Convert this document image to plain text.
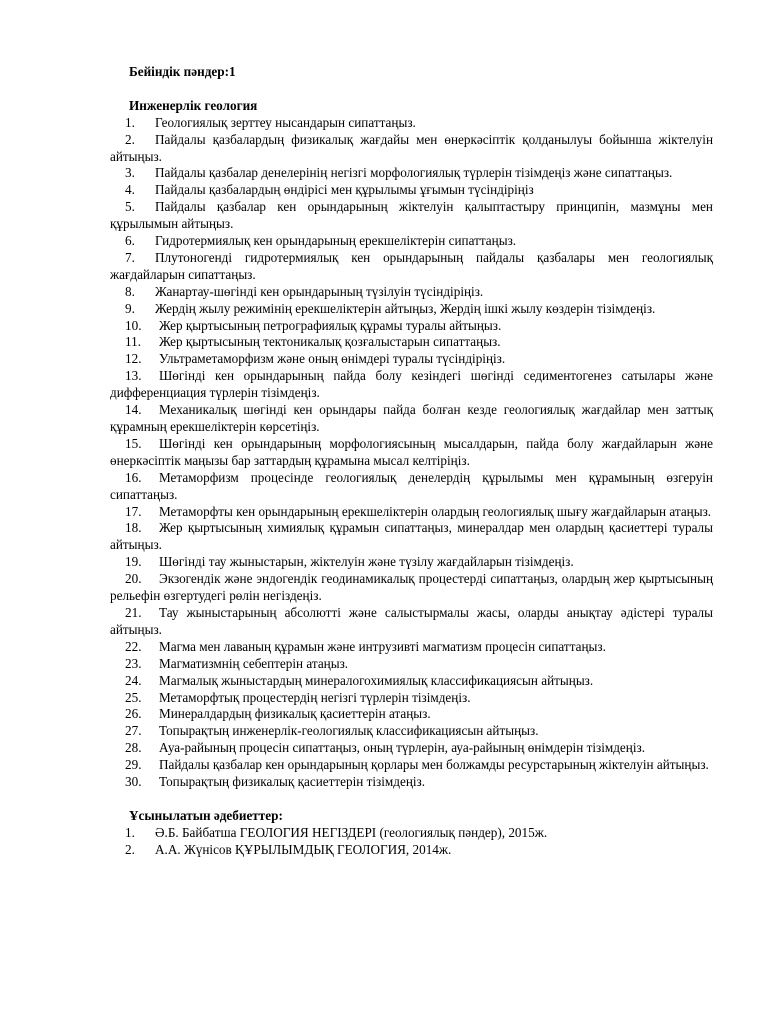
Бейіндік пәндер:1
Инженерлік геология
1. Геологиялық зерттеу нысандарын сипаттаңыз.
2. Пайдалы қазбалардың физикалық жағдайы мен өнеркәсіптік қолданылуы бойынша жіктелуін айтыңыз.
3. Пайдалы қазбалар денелерінің негізгі морфологиялық түрлерін тізімдеңіз және сипаттаңыз.
4. Пайдалы қазбалардың өндірісі мен құрылымы ұғымын түсіндіріңіз
5. Пайдалы қазбалар кен орындарының жіктелуін қалыптастыру принципін, мазмұны мен құрылымын айтыңыз.
6. Гидротермиялық кен орындарының ерекшеліктерін сипаттаңыз.
7. Плутоногенді гидротермиялық кен орындарының пайдалы қазбалары мен геологиялық жағдайларын сипаттаңыз.
8. Жанартау-шөгінді кен орындарының түзілуін түсіндіріңіз.
9. Жердің жылу режимінің ерекшеліктерін айтыңыз, Жердің ішкі жылу көздерін тізімдеңіз.
10. Жер қыртысының петрографиялық құрамы туралы айтыңыз.
11. Жер қыртысының тектоникалық қозғалыстарын сипаттаңыз.
12. Ультраметаморфизм және оның өнімдері туралы түсіндіріңіз.
13. Шөгінді кен орындарының пайда болу кезіндегі шөгінді седиментогенез сатылары және дифференциация түрлерін тізімдеңіз.
14. Механикалық шөгінді кен орындары пайда болған кезде геологиялық жағдайлар мен заттық құрамның ерекшеліктерін көрсетіңіз.
15. Шөгінді кен орындарының морфологиясының мысалдарын, пайда болу жағдайларын және өнеркәсіптік маңызы бар заттардың құрамына мысал келтіріңіз.
16. Метаморфизм процесінде геологиялық денелердің құрылымы мен құрамының өзгеруін сипаттаңыз.
17. Метаморфты кен орындарының ерекшеліктерін олардың геологиялық шығу жағдайларын атаңыз.
18. Жер қыртысының химиялық құрамын сипаттаңыз, минералдар мен олардың қасиеттері туралы айтыңыз.
19. Шөгінді тау жыныстарын, жіктелуін және түзілу жағдайларын тізімдеңіз.
20. Экзогендік және эндогендік геодинамикалық процестерді сипаттаңыз, олардың жер қыртысының рельефін өзгертудегі рөлін негіздеңіз.
21. Тау жыныстарының абсолютті және салыстырмалы жасы, оларды анықтау әдістері туралы айтыңыз.
22. Магма мен лаваның құрамын және интрузивті магматизм процесін сипаттаңыз.
23. Магматизмнің себептерін атаңыз.
24. Магмалық жыныстардың минералогохимиялық классификациясын айтыңыз.
25. Метаморфтық процестердің негізгі түрлерін тізімдеңіз.
26. Минералдардың физикалық қасиеттерін атаңыз.
27. Топырақтың инженерлік-геологиялық классификациясын айтыңыз.
28. Ауа-райының процесін сипаттаңыз, оның түрлерін, ауа-райының өнімдерін тізімдеңіз.
29. Пайдалы қазбалар кен орындарының қорлары мен болжамды ресурстарының жіктелуін айтыңыз.
30. Топырақтың физикалық қасиеттерін тізімдеңіз.
Ұсынылатын әдебиеттер:
1. Ә.Б. Байбатша ГЕОЛОГИЯ НЕГІЗДЕРІ (геологиялық пәндер), 2015ж.
2. А.А. Жүнісов ҚҰРЫЛЫМДЫҚ ГЕОЛОГИЯ, 2014ж.
